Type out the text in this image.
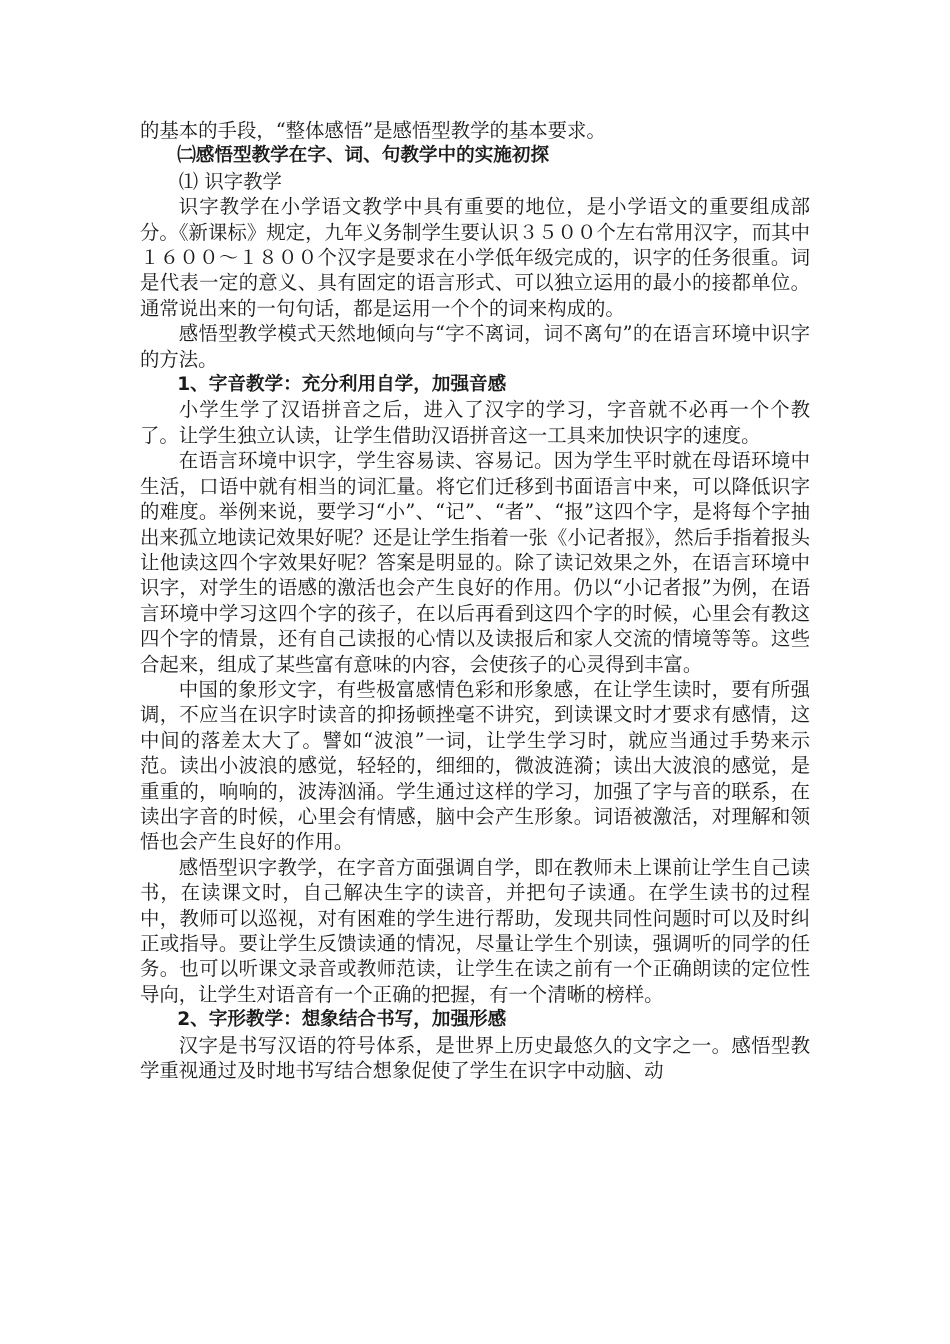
的基本的手段，“整体感悟”是感悟型教学的基本要求。

㈡感悟型教学在字、词、句教学中的实施初探

⑴ 识字教学

识字教学在小学语文教学中具有重要的地位，是小学语文的重要组成部分。《新课标》规定，九年义务制学生要认识３５００个左右常用汉字，而其中１６００～１８００个汉字是要求在小学低年级完成的，识字的任务很重。词是代表一定的意义、具有固定的语言形式、可以独立运用的最小的接都单位。通常说出来的一句句话，都是运用一个个的词来构成的。

感悟型教学模式天然地倾向与“字不离词，词不离句”的在语言环境中识字的方法。

1、字音教学：充分利用自学，加强音感

小学生学了汉语拼音之后，进入了汉字的学习，字音就不必再一个个教了。让学生独立认读，让学生借助汉语拼音这一工具来加快识字的速度。

在语言环境中识字，学生容易读、容易记。因为学生平时就在母语环境中生活，口语中就有相当的词汇量。将它们迁移到书面语言中来，可以降低识字的难度。举例来说，要学习“小”、“记”、“者”、“报”这四个字，是将每个字抽出来孤立地读记效果好呢？还是让学生指着一张《小记者报》，然后手指着报头让他读这四个字效果好呢？答案是明显的。除了读记效果之外，在语言环境中识字，对学生的语感的激活也会产生良好的作用。仍以“小记者报”为例，在语言环境中学习这四个字的孩子，在以后再看到这四个字的时候，心里会有教这四个字的情景，还有自己读报的心情以及读报后和家人交流的情境等等。这些合起来，组成了某些富有意味的内容，会使孩子的心灵得到丰富。

中国的象形文字，有些极富感情色彩和形象感，在让学生读时，要有所强调，不应当在识字时读音的抑扬顿挫毫不讲究，到读课文时才要求有感情，这中间的落差太大了。譬如“波浪”一词，让学生学习时，就应当通过手势来示范。读出小波浪的感觉，轻轻的，细细的，微波涟漪；读出大波浪的感觉，是重重的，响响的，波涛汹涌。学生通过这样的学习，加强了字与音的联系，在读出字音的时候，心里会有情感，脑中会产生形象。词语被激活，对理解和领悟也会产生良好的作用。

感悟型识字教学，在字音方面强调自学，即在教师未上课前让学生自己读书，在读课文时，自己解决生字的读音，并把句子读通。在学生读书的过程中，教师可以巡视，对有困难的学生进行帮助，发现共同性问题时可以及时纠正或指导。要让学生反馈读通的情况，尽量让学生个别读，强调听的同学的任务。也可以听课文录音或教师范读，让学生在读之前有一个正确朗读的定位性导向，让学生对语音有一个正确的把握，有一个清晰的榜样。

2、字形教学：想象结合书写，加强形感

汉字是书写汉语的符号体系，是世界上历史最悠久的文字之一。感悟型教学重视通过及时地书写结合想象促使了学生在识字中动脑、动
